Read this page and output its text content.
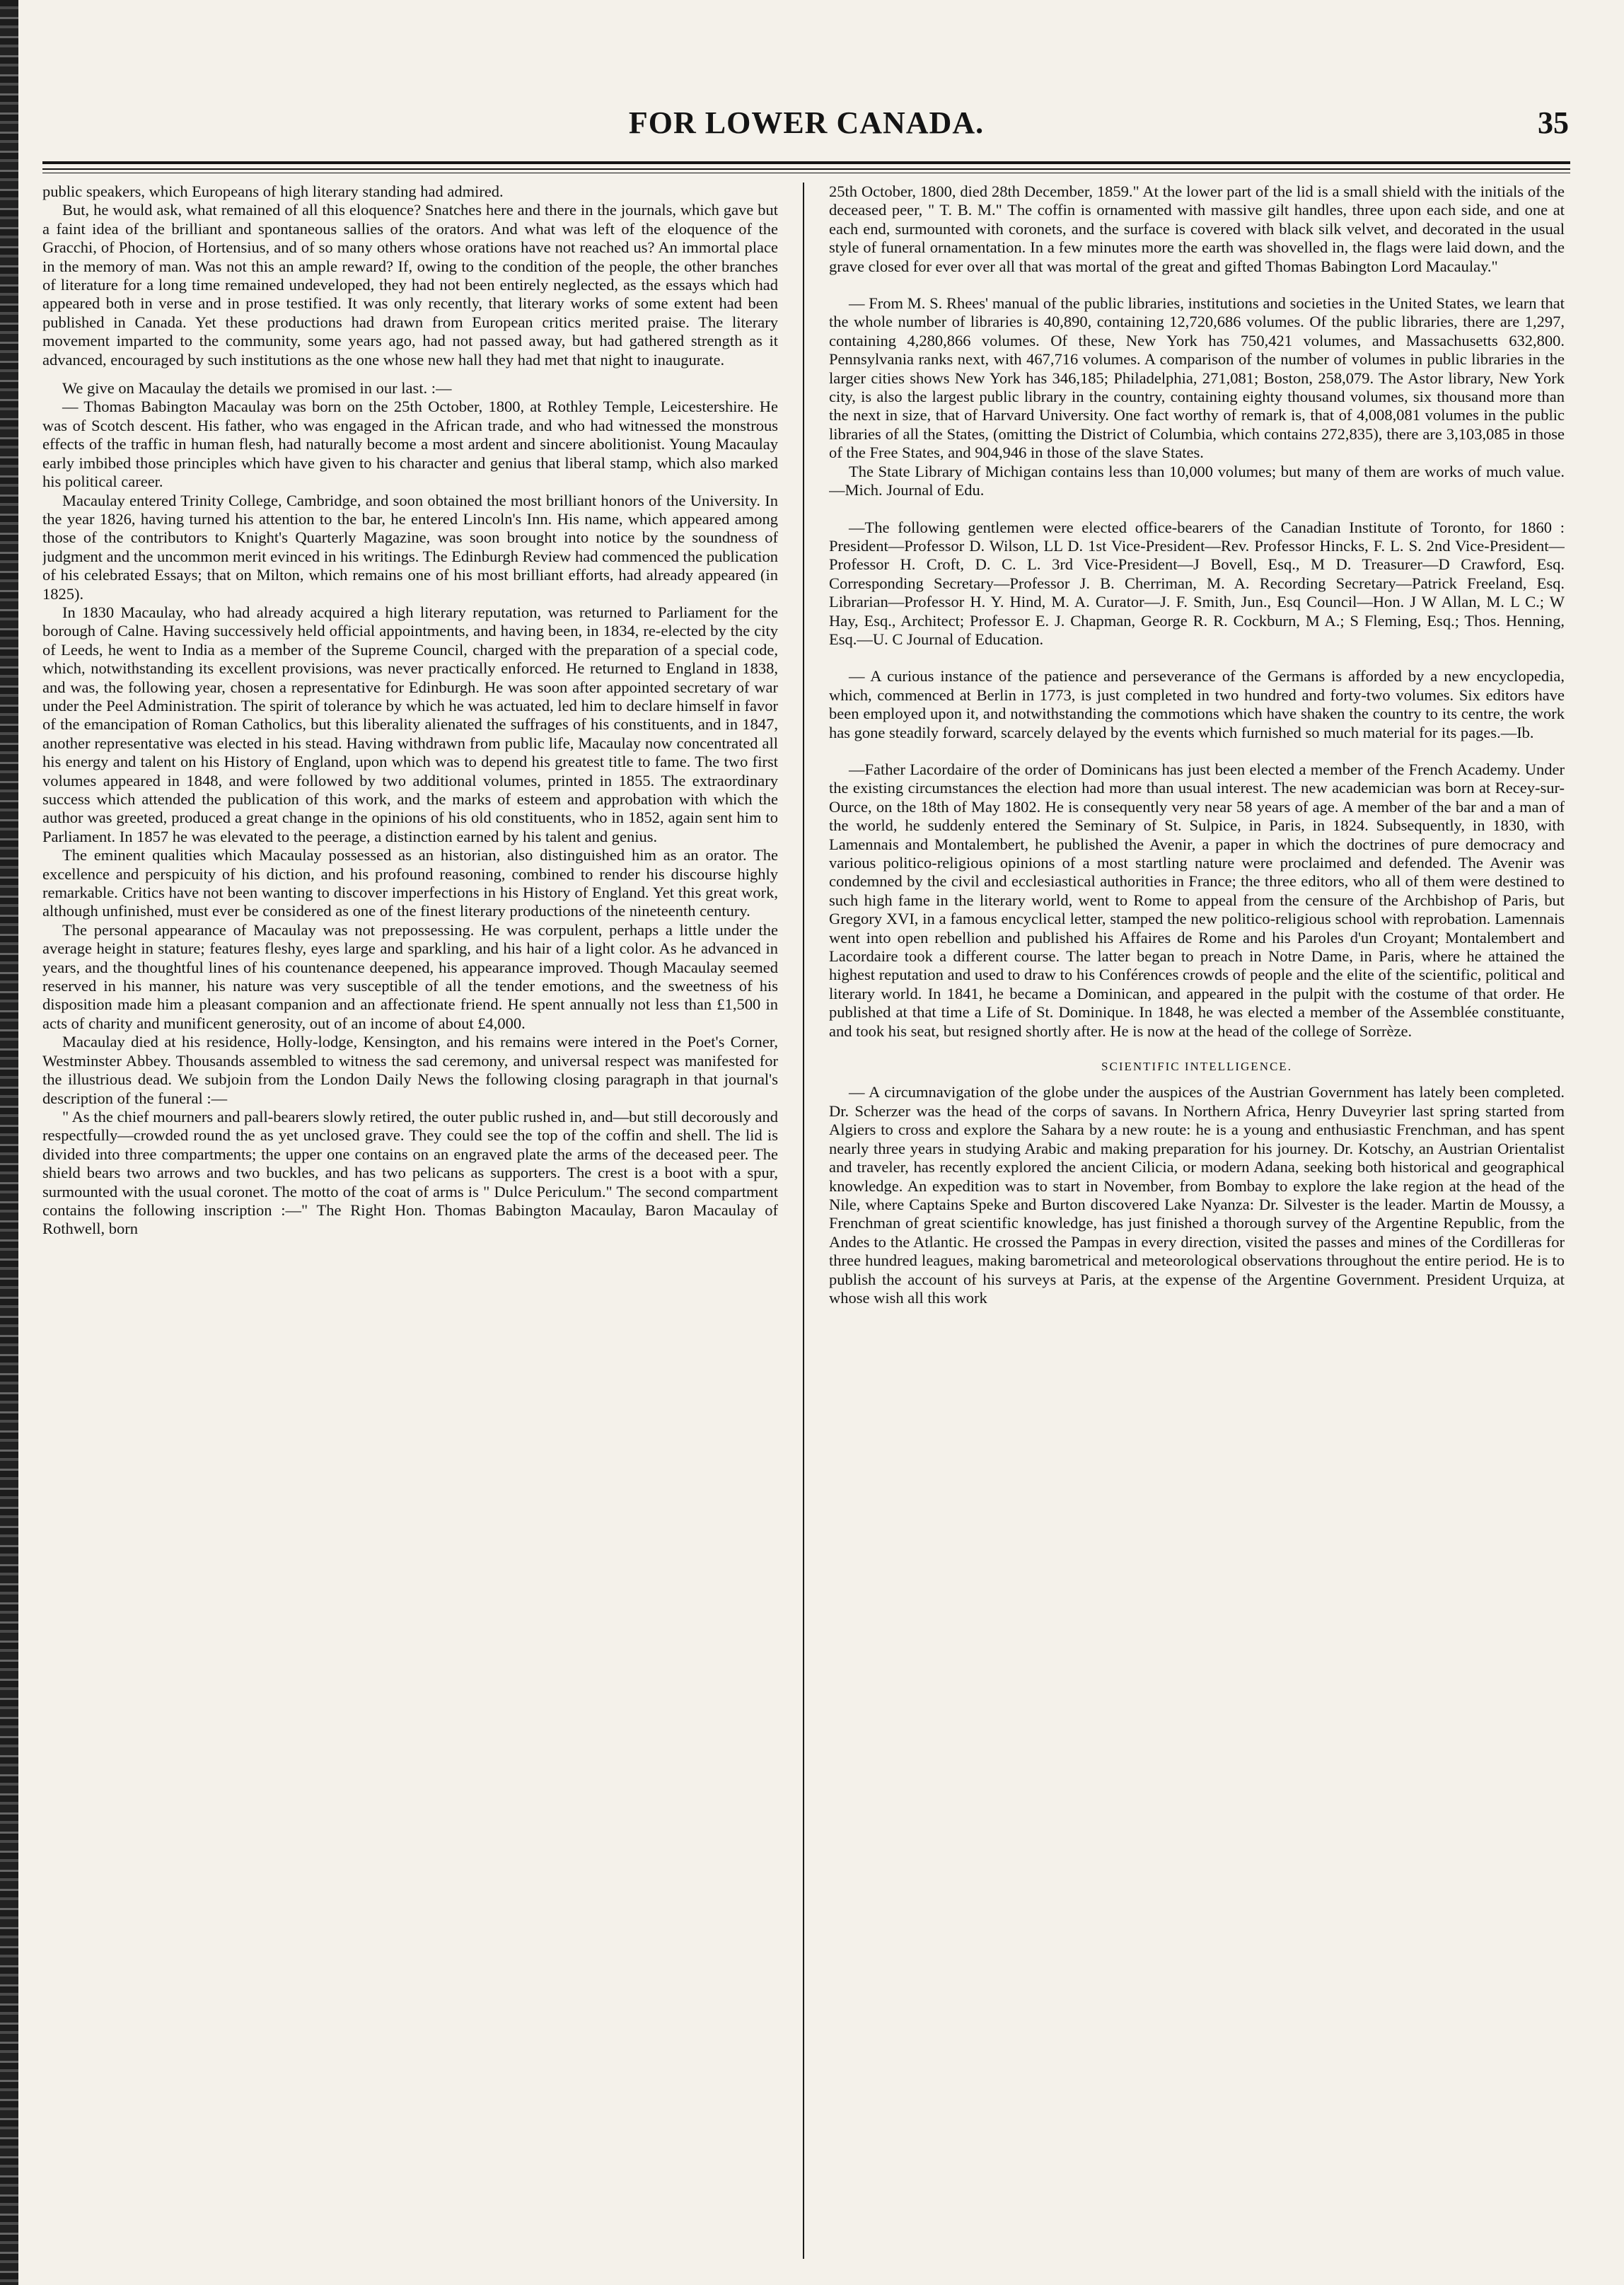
FOR LOWER CANADA.	35

public speakers, which Europeans of high literary standing had admired.

But, he would ask, what remained of all this eloquence? Snatches here and there in the journals, which gave but a faint idea of the brilliant and spontaneous sallies of the orators. And what was left of the eloquence of the Gracchi, of Phocion, of Hortensius, and of so many others whose orations have not reached us? An immortal place in the memory of man. Was not this an ample reward? If, owing to the condition of the people, the other branches of literature for a long time remained undeveloped, they had not been entirely neglected, as the essays which had appeared both in verse and in prose testified. It was only recently, that literary works of some extent had been published in Canada. Yet these productions had drawn from European critics merited praise. The literary movement imparted to the community, some years ago, had not passed away, but had gathered strength as it advanced, encouraged by such institutions as the one whose new hall they had met that night to inaugurate.

We give on Macaulay the details we promised in our last. :—

— Thomas Babington Macaulay was born on the 25th October, 1800, at Rothley Temple, Leicestershire. He was of Scotch descent. His father, who was engaged in the African trade, and who had witnessed the monstrous effects of the traffic in human flesh, had naturally become a most ardent and sincere abolitionist. Young Macaulay early imbibed those principles which have given to his character and genius that liberal stamp, which also marked his political career.

Macaulay entered Trinity College, Cambridge, and soon obtained the most brilliant honors of the University. In the year 1826, having turned his attention to the bar, he entered Lincoln's Inn. His name, which appeared among those of the contributors to Knight's Quarterly Magazine, was soon brought into notice by the soundness of judgment and the uncommon merit evinced in his writings. The Edinburgh Review had commenced the publication of his celebrated Essays; that on Milton, which remains one of his most brilliant efforts, had already appeared (in 1825).

In 1830 Macaulay, who had already acquired a high literary reputation, was returned to Parliament for the borough of Calne. Having successively held official appointments, and having been, in 1834, re-elected by the city of Leeds, he went to India as a member of the Supreme Council, charged with the preparation of a special code, which, notwithstanding its excellent provisions, was never practically enforced. He returned to England in 1838, and was, the following year, chosen a representative for Edinburgh. He was soon after appointed secretary of war under the Peel Administration. The spirit of tolerance by which he was actuated, led him to declare himself in favor of the emancipation of Roman Catholics, but this liberality alienated the suffrages of his constituents, and in 1847, another representative was elected in his stead. Having withdrawn from public life, Macaulay now concentrated all his energy and talent on his History of England, upon which was to depend his greatest title to fame. The two first volumes appeared in 1848, and were followed by two additional volumes, printed in 1855. The extraordinary success which attended the publication of this work, and the marks of esteem and approbation with which the author was greeted, produced a great change in the opinions of his old constituents, who in 1852, again sent him to Parliament. In 1857 he was elevated to the peerage, a distinction earned by his talent and genius.

The eminent qualities which Macaulay possessed as an historian, also distinguished him as an orator. The excellence and perspicuity of his diction, and his profound reasoning, combined to render his discourse highly remarkable. Critics have not been wanting to discover imperfections in his History of England. Yet this great work, although unfinished, must ever be considered as one of the finest literary productions of the nineteenth century.

The personal appearance of Macaulay was not prepossessing. He was corpulent, perhaps a little under the average height in stature; features fleshy, eyes large and sparkling, and his hair of a light color. As he advanced in years, and the thoughtful lines of his countenance deepened, his appearance improved. Though Macaulay seemed reserved in his manner, his nature was very susceptible of all the tender emotions, and the sweetness of his disposition made him a pleasant companion and an affectionate friend. He spent annually not less than £1,500 in acts of charity and munificent generosity, out of an income of about £4,000.

Macaulay died at his residence, Holly-lodge, Kensington, and his remains were intered in the Poet's Corner, Westminster Abbey. Thousands assembled to witness the sad ceremony, and universal respect was manifested for the illustrious dead. We subjoin from the London Daily News the following closing paragraph in that journal's description of the funeral :—

" As the chief mourners and pall-bearers slowly retired, the outer public rushed in, and—but still decorously and respectfully—crowded round the as yet unclosed grave. They could see the top of the coffin and shell. The lid is divided into three compartments; the upper one contains on an engraved plate the arms of the deceased peer. The shield bears two arrows and two buckles, and has two pelicans as supporters. The crest is a boot with a spur, surmounted with the usual coronet. The motto of the coat of arms is " Dulce Periculum." The second compartment contains the following inscription :—" The Right Hon. Thomas Babington Macaulay, Baron Macaulay of Rothwell, born

25th October, 1800, died 28th December, 1859." At the lower part of the lid is a small shield with the initials of the deceased peer, " T. B. M." The coffin is ornamented with massive gilt handles, three upon each side, and one at each end, surmounted with coronets, and the surface is covered with black silk velvet, and decorated in the usual style of funeral ornamentation. In a few minutes more the earth was shovelled in, the flags were laid down, and the grave closed for ever over all that was mortal of the great and gifted Thomas Babington Lord Macaulay."

— From M. S. Rhees' manual of the public libraries, institutions and societies in the United States, we learn that the whole number of libraries is 40,890, containing 12,720,686 volumes. Of the public libraries, there are 1,297, containing 4,280,866 volumes. Of these, New York has 750,421 volumes, and Massachusetts 632,800. Pennsylvania ranks next, with 467,716 volumes. A comparison of the number of volumes in public libraries in the larger cities shows New York has 346,185; Philadelphia, 271,081; Boston, 258,079. The Astor library, New York city, is also the largest public library in the country, containing eighty thousand volumes, six thousand more than the next in size, that of Harvard University. One fact worthy of remark is, that of 4,008,081 volumes in the public libraries of all the States, (omitting the District of Columbia, which contains 272,835), there are 3,103,085 in those of the Free States, and 904,946 in those of the slave States.

The State Library of Michigan contains less than 10,000 volumes; but many of them are works of much value.—Mich. Journal of Edu.

—The following gentlemen were elected office-bearers of the Canadian Institute of Toronto, for 1860 : President—Professor D. Wilson, LL D. 1st Vice-President—Rev. Professor Hincks, F. L. S. 2nd Vice-President—Professor H. Croft, D. C. L. 3rd Vice-President—J Bovell, Esq., M D. Treasurer—D Crawford, Esq. Corresponding Secretary—Professor J. B. Cherriman, M. A. Recording Secretary—Patrick Freeland, Esq. Librarian—Professor H. Y. Hind, M. A. Curator—J. F. Smith, Jun., Esq Council—Hon. J W Allan, M. L C.; W Hay, Esq., Architect; Professor E. J. Chapman, George R. R. Cockburn, M A.; S Fleming, Esq.; Thos. Henning, Esq.—U. C Journal of Education.

— A curious instance of the patience and perseverance of the Germans is afforded by a new encyclopedia, which, commenced at Berlin in 1773, is just completed in two hundred and forty-two volumes. Six editors have been employed upon it, and notwithstanding the commotions which have shaken the country to its centre, the work has gone steadily forward, scarcely delayed by the events which furnished so much material for its pages.—Ib.

—Father Lacordaire of the order of Dominicans has just been elected a member of the French Academy. Under the existing circumstances the election had more than usual interest. The new academician was born at Recey-sur-Ource, on the 18th of May 1802. He is consequently very near 58 years of age. A member of the bar and a man of the world, he suddenly entered the Seminary of St. Sulpice, in Paris, in 1824. Subsequently, in 1830, with Lamennais and Montalembert, he published the Avenir, a paper in which the doctrines of pure democracy and various politico-religious opinions of a most startling nature were proclaimed and defended. The Avenir was condemned by the civil and ecclesiastical authorities in France; the three editors, who all of them were destined to such high fame in the literary world, went to Rome to appeal from the censure of the Archbishop of Paris, but Gregory XVI, in a famous encyclical letter, stamped the new politico-religious school with reprobation. Lamennais went into open rebellion and published his Affaires de Rome and his Paroles d'un Croyant; Montalembert and Lacordaire took a different course. The latter began to preach in Notre Dame, in Paris, where he attained the highest reputation and used to draw to his Conférences crowds of people and the elite of the scientific, political and literary world. In 1841, he became a Dominican, and appeared in the pulpit with the costume of that order. He published at that time a Life of St. Dominique. In 1848, he was elected a member of the Assemblée constituante, and took his seat, but resigned shortly after. He is now at the head of the college of Sorrèze.

SCIENTIFIC INTELLIGENCE.

— A circumnavigation of the globe under the auspices of the Austrian Government has lately been completed. Dr. Scherzer was the head of the corps of savans. In Northern Africa, Henry Duveyrier last spring started from Algiers to cross and explore the Sahara by a new route: he is a young and enthusiastic Frenchman, and has spent nearly three years in studying Arabic and making preparation for his journey. Dr. Kotschy, an Austrian Orientalist and traveler, has recently explored the ancient Cilicia, or modern Adana, seeking both historical and geographical knowledge. An expedition was to start in November, from Bombay to explore the lake region at the head of the Nile, where Captains Speke and Burton discovered Lake Nyanza: Dr. Silvester is the leader. Martin de Moussy, a Frenchman of great scientific knowledge, has just finished a thorough survey of the Argentine Republic, from the Andes to the Atlantic. He crossed the Pampas in every direction, visited the passes and mines of the Cordilleras for three hundred leagues, making barometrical and meteorological observations throughout the entire period. He is to publish the account of his surveys at Paris, at the expense of the Argentine Government. President Urquiza, at whose wish all this work
